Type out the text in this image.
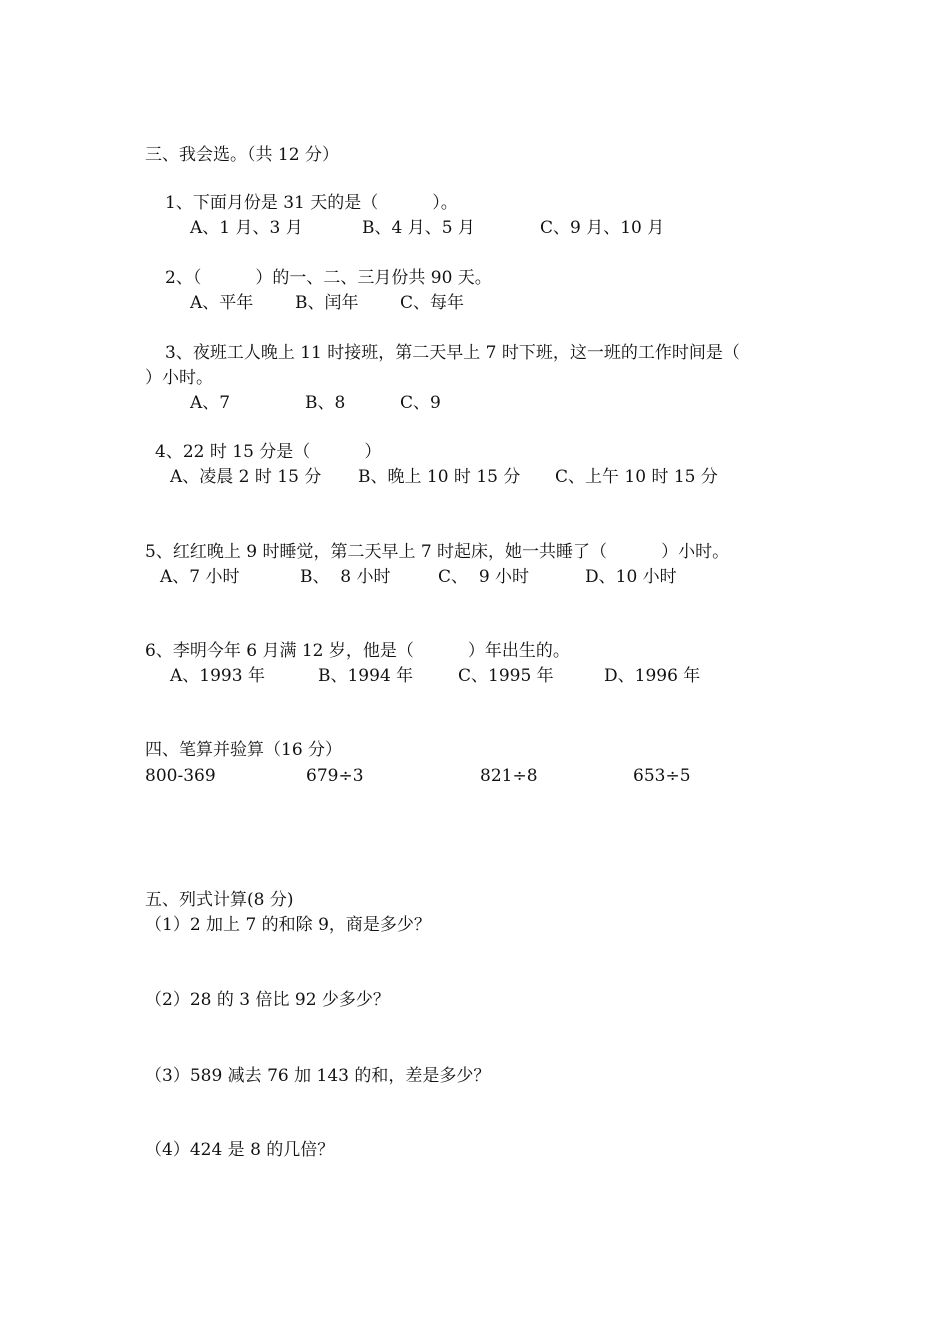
三、我会选。（共 12 分）
1、下面月份是 31 天的是（          ）。
A、1 月、3 月	B、4 月、5 月	C、9 月、10 月
2、（          ）的一、二、三月份共 90 天。
A、平年 B、闰年 C、每年
3、夜班工人晚上 11 时接班，第二天早上 7 时下班，这一班的工作时间是（
）小时。
A、7	B、8	C、9
4、22 时 15 分是（          ）
A、凌晨 2 时 15 分 B、晚上 10 时 15 分 C、上午 10 时 15 分
5、红红晚上 9 时睡觉，第二天早上 7 时起床，她一共睡了（          ）小时。
A、7 小时	B、  8 小时	C、  9 小时	D、10 小时
6、李明今年 6 月满 12 岁，他是（          ）年出生的。
A、1993 年	B、1994 年	C、1995 年	D、1996 年
四、笔算并验算（16 分）
800-369	679÷3	821÷8	653÷5
五、列式计算(8 分)
（1）2 加上 7 的和除 9，商是多少？
（2）28 的 3 倍比 92 少多少？
（3）589 减去 76 加 143 的和，差是多少？
（4）424 是 8 的几倍？
